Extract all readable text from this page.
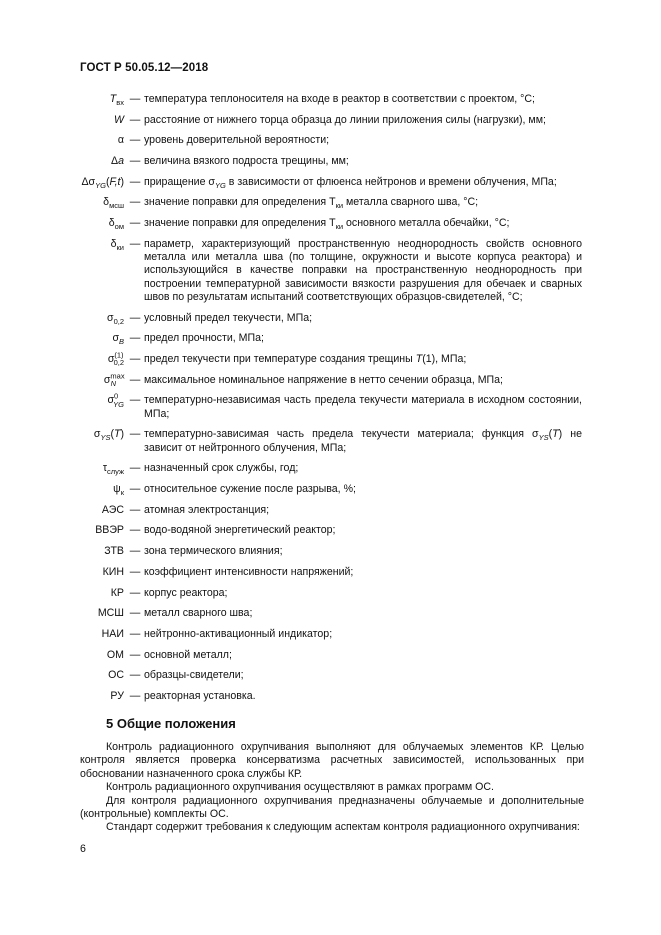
ГОСТ Р 50.05.12—2018
$T_{вх}$ — температура теплоносителя на входе в реактор в соответствии с проектом, °С;
W — расстояние от нижнего торца образца до линии приложения силы (нагрузки), мм;
α — уровень доверительной вероятности;
Δa — величина вязкого подроста трещины, мм;
$\Delta\sigma_{YG}(F,t)$ — приращение $\sigma_{YG}$ в зависимости от флюенса нейтронов и времени облучения, МПа;
$\delta_{мсш}$ — значение поправки для определения $T_{ки}$ металла сварного шва, °С;
$\delta_{ом}$ — значение поправки для определения $T_{ки}$ основного металла обечайки, °С;
$\delta_{ки}$ — параметр, характеризующий пространственную неоднородность свойств основного металла или металла шва (по толщине, окружности и высоте корпуса реактора) и использующийся в качестве поправки на пространственную неоднородность при построении температурной зависимости вязкости разрушения для обечаек и сварных швов по результатам испытаний соответствующих образцов-свидетелей, °С;
$\sigma_{0,2}$ — условный предел текучести, МПа;
$\sigma_B$ — предел прочности, МПа;
$\sigma^{(1)}_{0,2}$ — предел текучести при температуре создания трещины T(1), МПа;
$\sigma^{max}_N$	— максимальное номинальное напряжение в нетто сечении образца, МПа;
$\sigma^0_{YG}$ — температурно-независимая часть предела текучести материала в исходном состоянии, МПа;
$\sigma_{YS}(T)$ — температурно-зависимая часть предела текучести материала; функция $\sigma_{YS}(T)$ не зависит от нейтронного облучения, МПа;
$\tau_{служ}$ — назначенный срок службы, год;
$\psi_к$ — относительное сужение после разрыва, %;
АЭС — атомная электростанция;
ВВЭР — водо-водяной энергетический реактор;
ЗТВ — зона термического влияния;
КИН — коэффициент интенсивности напряжений;
КР — корпус реактора;
МСШ — металл сварного шва;
НАИ — нейтронно-активационный индикатор;
ОМ — основной металл;
ОС — образцы-свидетели;
РУ — реакторная установка.
5 Общие положения

Контроль радиационного охрупчивания выполняют для облучаемых элементов КР. Целью контроля является проверка консерватизма расчетных зависимостей, использованных при обосновании назначенного срока службы КР.

Контроль радиационного охрупчивания осуществляют в рамках программ ОС.

Для контроля радиационного охрупчивания предназначены облучаемые и дополнительные (контрольные) комплекты ОС.

Стандарт содержит требования к следующим аспектам контроля радиационного охрупчивания:

6
